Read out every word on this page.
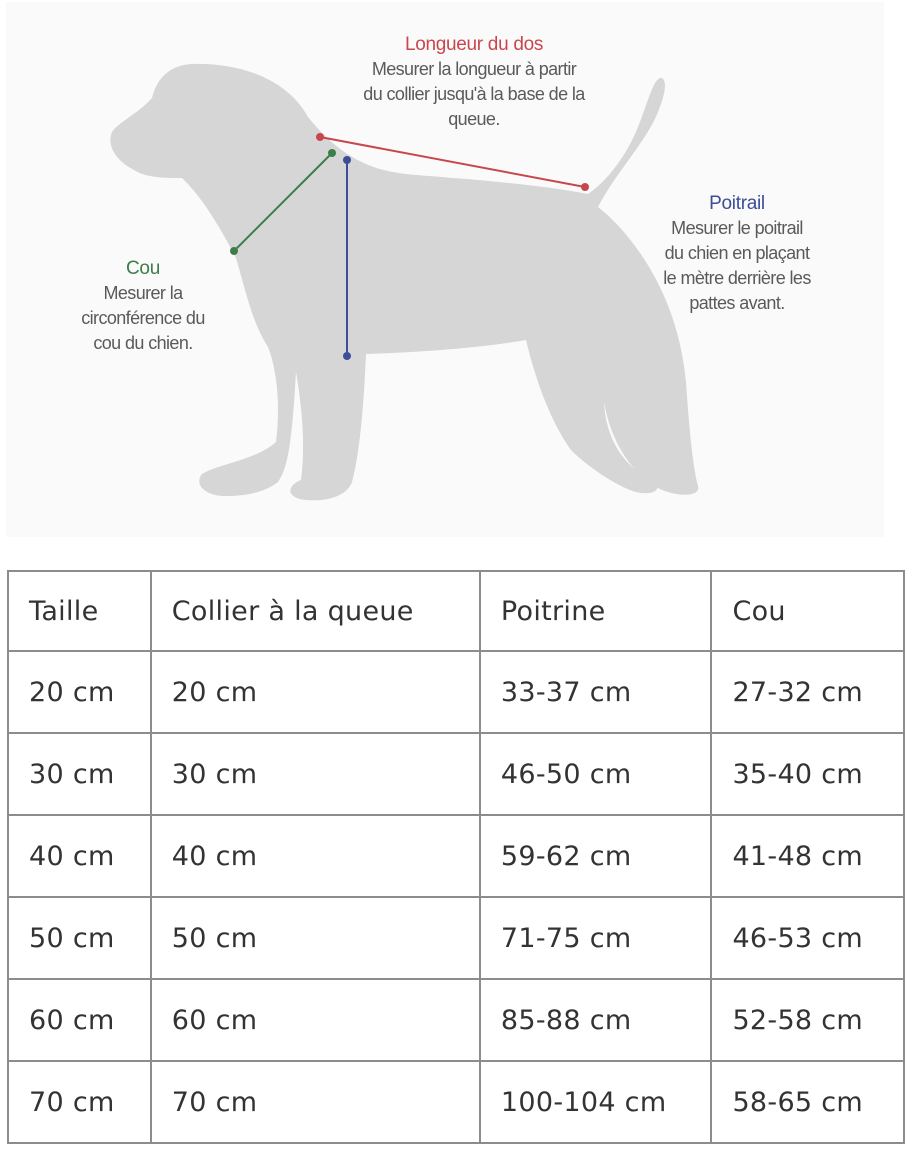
Longueur du dos
Mesurer la longueur à partir
du collier jusqu'à la base de la
queue.
Poitrail
Mesurer le poitrail
du chien en plaçant
le mètre derrière les
pattes avant.
Cou
Mesurer la
circonférence du
cou du chien.
Taille	Collier à la queue	Poitrine	Cou
20 cm	20 cm	33-37 cm	27-32 cm
30 cm	30 cm	46-50 cm	35-40 cm
40 cm	40 cm	59-62 cm	41-48 cm
50 cm	50 cm	71-75 cm	46-53 cm
60 cm	60 cm	85-88 cm	52-58 cm
70 cm	70 cm	100-104 cm	58-65 cm
